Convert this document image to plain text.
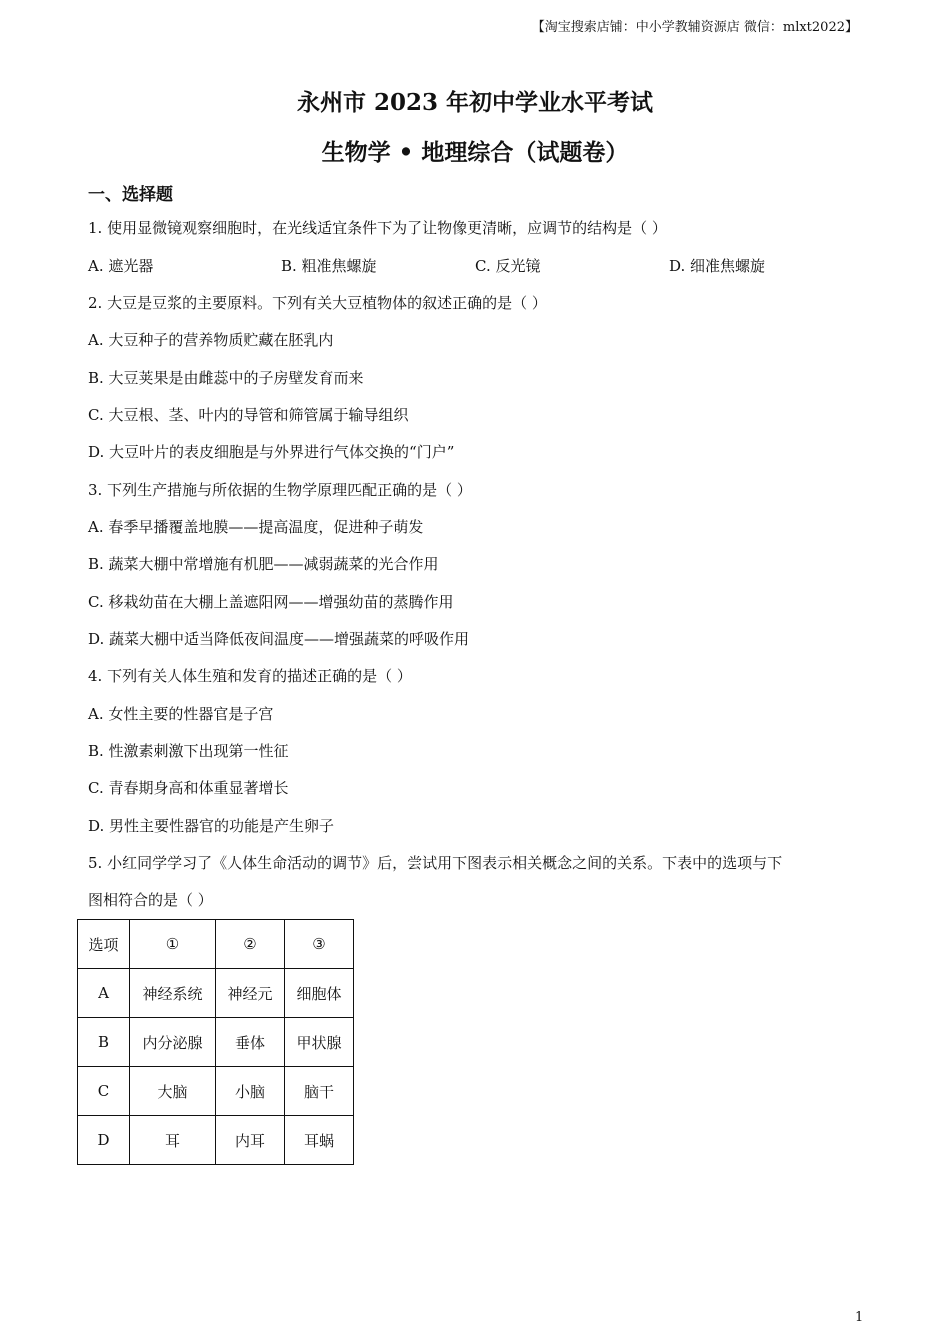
【淘宝搜索店铺：中小学教辅资源店 微信：mlxt2022】
永州市 2023 年初中学业水平考试
生物学 • 地理综合（试题卷）
一、选择题
1. 使用显微镜观察细胞时，在光线适宜条件下为了让物像更清晰，应调节的结构是（ ）
A. 遮光器	B. 粗准焦螺旋	C. 反光镜	D. 细准焦螺旋
2. 大豆是豆浆的主要原料。下列有关大豆植物体的叙述正确的是（ ）
A. 大豆种子的营养物质贮藏在胚乳内
B. 大豆荚果是由雌蕊中的子房壁发育而来
C. 大豆根、茎、叶内的导管和筛管属于输导组织
D. 大豆叶片的表皮细胞是与外界进行气体交换的“门户”
3. 下列生产措施与所依据的生物学原理匹配正确的是（ ）
A. 春季早播覆盖地膜——提高温度，促进种子萌发
B. 蔬菜大棚中常增施有机肥——减弱蔬菜的光合作用
C. 移栽幼苗在大棚上盖遮阳网——增强幼苗的蒸腾作用
D. 蔬菜大棚中适当降低夜间温度——增强蔬菜的呼吸作用
4. 下列有关人体生殖和发育的描述正确的是（ ）
A. 女性主要的性器官是子宫
B. 性激素刺激下出现第一性征
C. 青春期身高和体重显著增长
D. 男性主要性器官的功能是产生卵子
5. 小红同学学习了《人体生命活动的调节》后，尝试用下图表示相关概念之间的关系。下表中的选项与下
图相符合的是（ ）
选项	①	②	③
A	神经系统	神经元	细胞体
B	内分泌腺	垂体	甲状腺
C	大脑	小脑	脑干
D	耳	内耳	耳蜗
1
